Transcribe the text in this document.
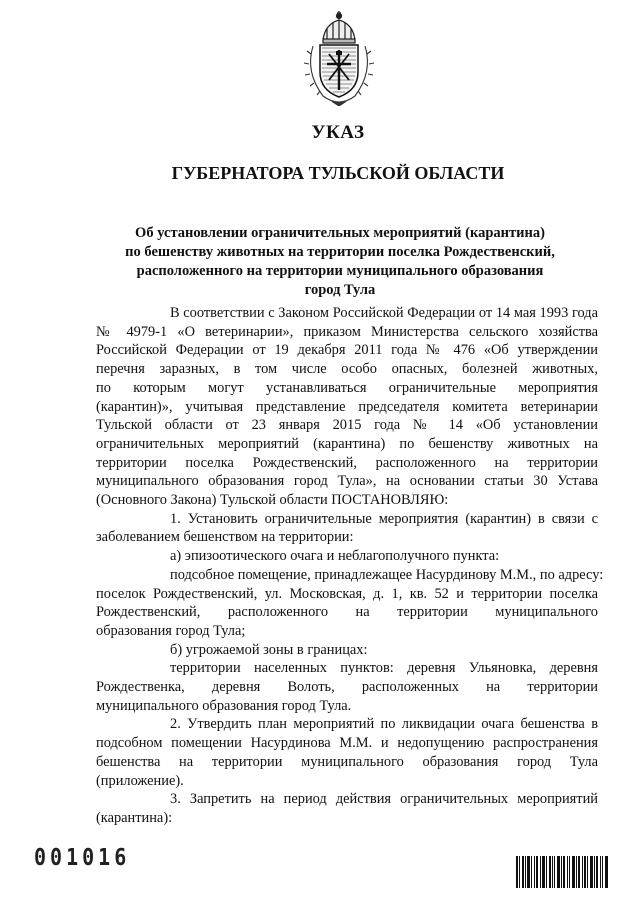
УКАЗ
ГУБЕРНАТОРА ТУЛЬСКОЙ ОБЛАСТИ
Об установлении ограничительных мероприятий (карантина)
по бешенству животных на территории поселка Рождественский,
расположенного на территории муниципального образования
город Тула

В соответствии с Законом Российской Федерации от 14 мая 1993 года
№ 4979-1 «О ветеринарии», приказом Министерства сельского хозяйства
Российской Федерации от 19 декабря 2011 года № 476 «Об утверждении
перечня заразных, в том числе особо опасных, болезней животных,
по которым могут устанавливаться ограничительные мероприятия
(карантин)», учитывая представление председателя комитета ветеринарии
Тульской области от 23 января 2015 года № 14 «Об установлении
ограничительных мероприятий (карантина) по бешенству животных на
территории поселка Рождественский, расположенного на территории
муниципального образования город Тула», на основании статьи 30 Устава
(Основного Закона) Тульской области ПОСТАНОВЛЯЮ:

1. Установить ограничительные мероприятия (карантин) в связи с
заболеванием бешенством на территории:

а) эпизоотического очага и неблагополучного пункта:

подсобное помещение, принадлежащее Насурдинову М.М., по адресу:
поселок Рождественский, ул. Московская, д. 1, кв. 52 и территории поселка
Рождественский, расположенного на территории муниципального
образования город Тула;

б) угрожаемой зоны в границах:

территории населенных пунктов: деревня Ульяновка, деревня
Рождественка, деревня Волоть, расположенных на территории
муниципального образования город Тула.

2. Утвердить план мероприятий по ликвидации очага бешенства в
подсобном помещении Насурдинова М.М. и недопущению распространения
бешенства на территории муниципального образования город Тула
(приложение).

3. Запретить на период действия ограничительных мероприятий
(карантина):

001016
